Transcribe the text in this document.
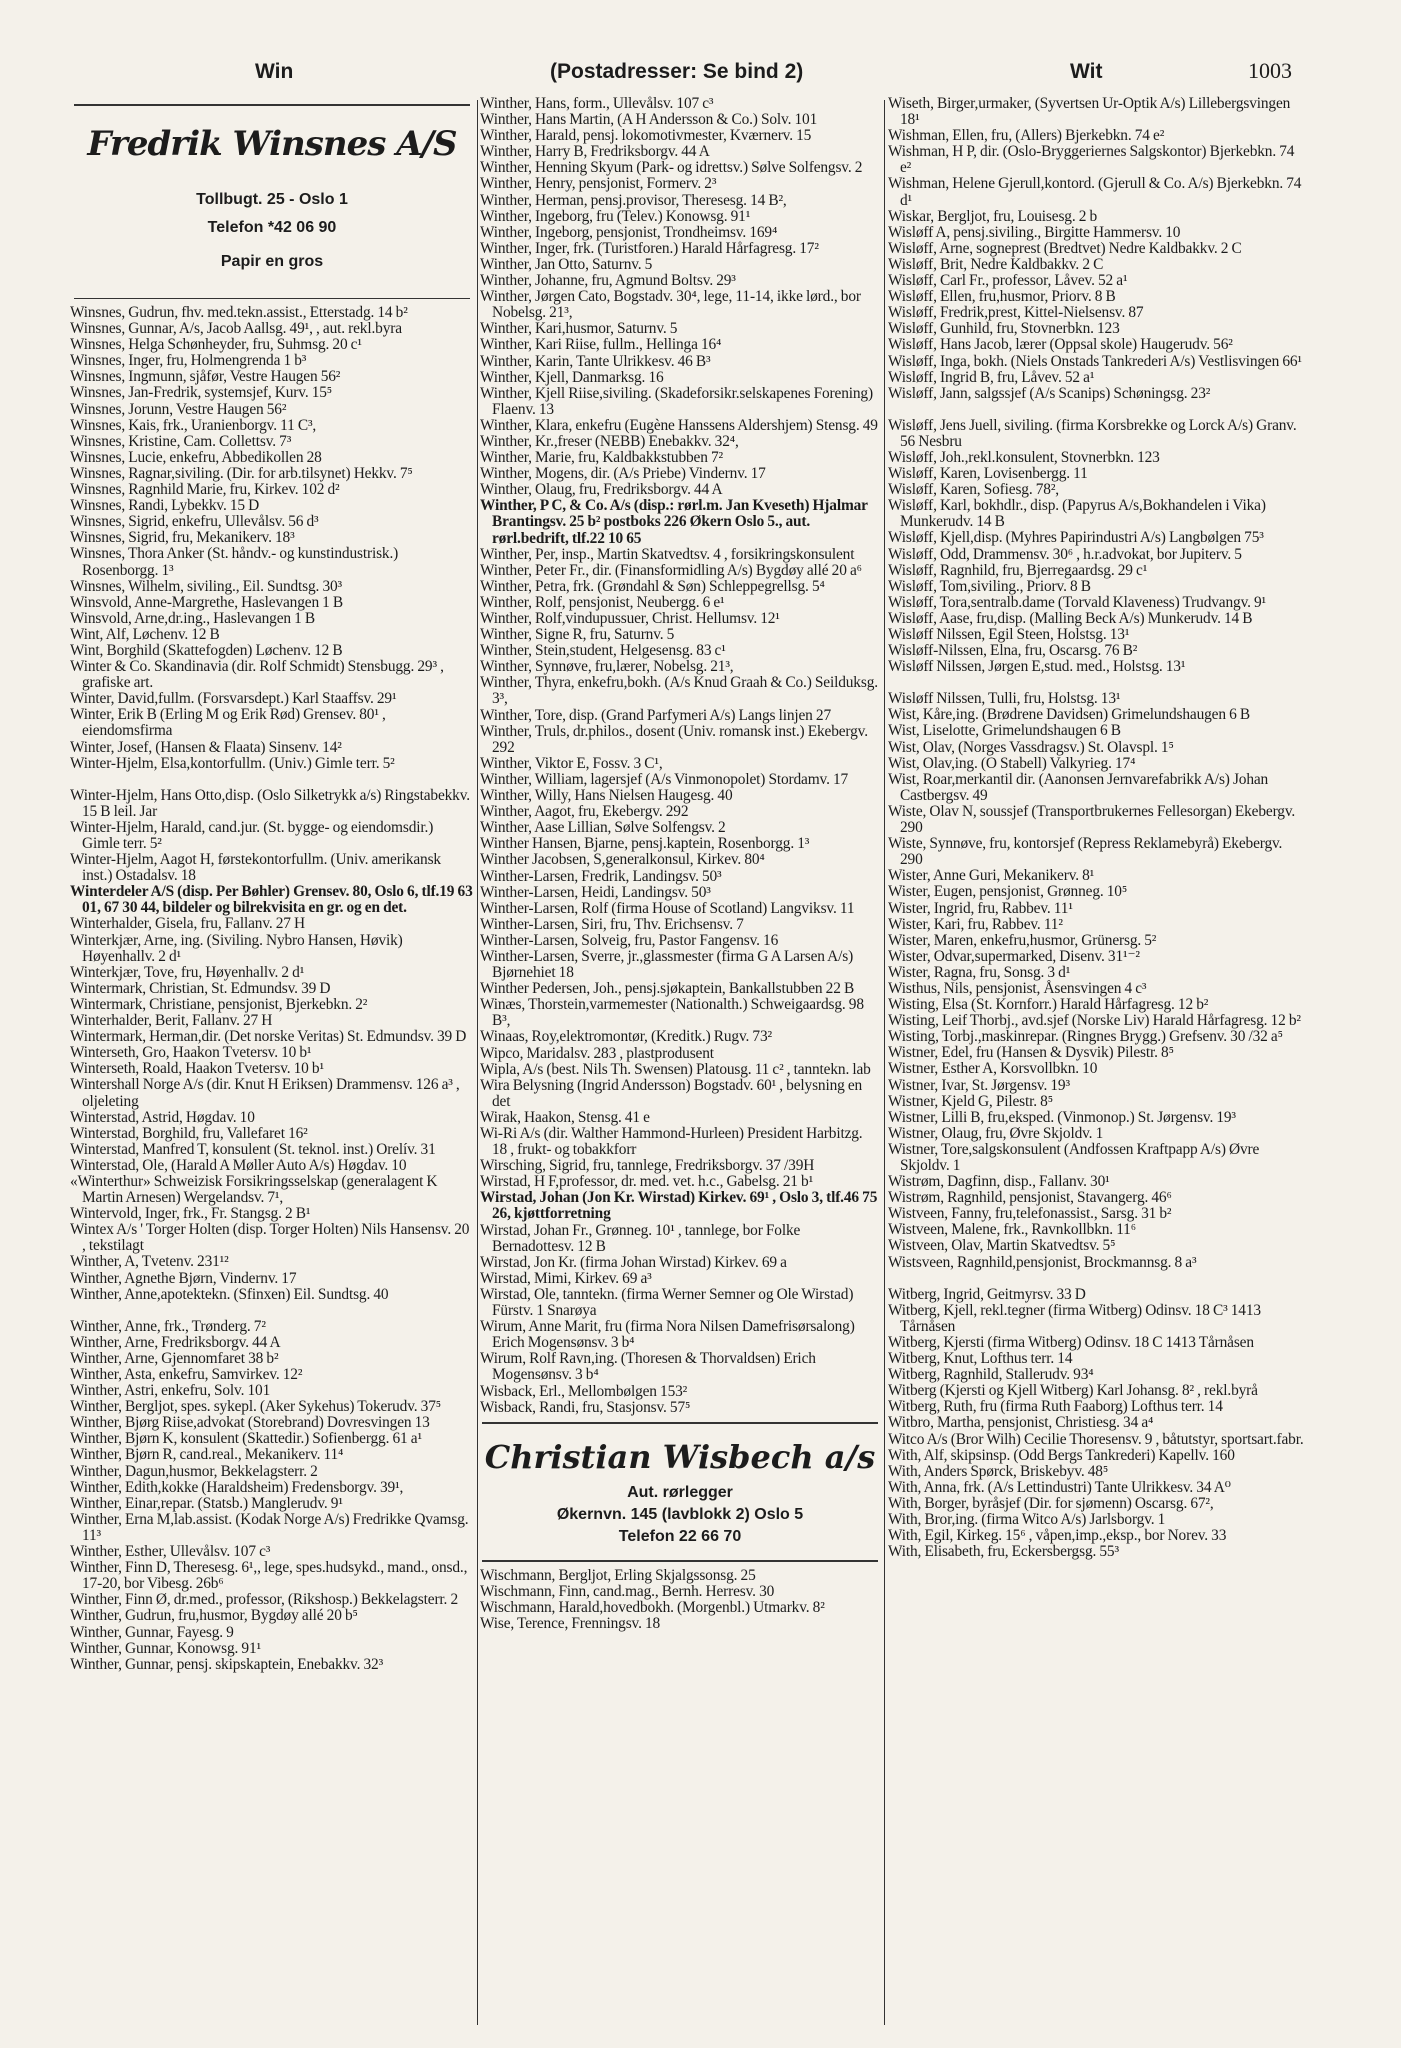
Win	(Postadresser: Se bind 2)	Wit	1003
Fredrik Winsnes A/S
Tollbugt. 25 - Oslo 1
Telefon *42 06 90
Papir en gros
Winsnes, Gudrun, fhv. med.tekn.assist., Etterstadg. 14 b²
Winsnes, Gunnar, A/s, Jacob Aallsg. 49¹, , aut. rekl.byra
Winsnes, Helga Schønheyder, fru, Suhmsg. 20 c¹
Winsnes, Inger, fru, Holmengrenda 1 b³
Winsnes, Ingmunn, sjåfør, Vestre Haugen 56²
Winsnes, Jan-Fredrik, systemsjef, Kurv. 15⁵
Winsnes, Jorunn, Vestre Haugen 56²
Winsnes, Kais, frk., Uranienborgv. 11 C³,
Winsnes, Kristine, Cam. Collettsv. 7³
Winsnes, Lucie, enkefru, Abbedikollen 28
Winsnes, Ragnar,siviling. (Dir. for arb.tilsynet) Hekkv. 7⁵
Winsnes, Ragnhild Marie, fru, Kirkev. 102 d²
Winsnes, Randi, Lybekkv. 15 D
Winsnes, Sigrid, enkefru, Ullevålsv. 56 d³
Winsnes, Sigrid, fru, Mekanikerv. 18³
Winsnes, Thora Anker (St. håndv.- og kunstindustrisk.) Rosenborgg. 1³
Winsnes, Wilhelm, siviling., Eil. Sundtsg. 30³
Winsvold, Anne-Margrethe, Haslevangen 1 B
Winsvold, Arne,dr.ing., Haslevangen 1 B
Wint, Alf, Løchenv. 12 B
Wint, Borghild (Skattefogden) Løchenv. 12 B
Winter & Co. Skandinavia (dir. Rolf Schmidt) Stensbugg. 29³ , grafiske art.
Winter, David,fullm. (Forsvarsdept.) Karl Staaffsv. 29¹
Winter, Erik B (Erling M og Erik Rød) Grensev. 80¹ , eiendomsfirma
Winter, Josef, (Hansen & Flaata) Sinsenv. 14²
Winter-Hjelm, Elsa,kontorfullm. (Univ.) Gimle terr. 5²
Winter-Hjelm, Hans Otto,disp. (Oslo Silketrykk a/s) Ringstabekkv. 15 B leil. Jar
Winter-Hjelm, Harald, cand.jur. (St. bygge- og eiendomsdir.) Gimle terr. 5²
Winter-Hjelm, Aagot H, førstekontorfullm. (Univ. amerikansk inst.) Ostadalsv. 18
Winterdeler A/S (disp. Per Bøhler) Grensev. 80, Oslo 6, tlf.19 63 01, 67 30 44, bildeler og bilrekvisita en gr. og en det.
Winterhalder, Gisela, fru, Fallanv. 27 H
Winterkjær, Arne, ing. (Siviling. Nybro Hansen, Høvik) Høyenhallv. 2 d¹
Winterkjær, Tove, fru, Høyenhallv. 2 d¹
Wintermark, Christian, St. Edmundsv. 39 D
Wintermark, Christiane, pensjonist, Bjerkebkn. 2²
Winterhalder, Berit, Fallanv. 27 H
Wintermark, Herman,dir. (Det norske Veritas) St. Edmundsv. 39 D
Winterseth, Gro, Haakon Tvetersv. 10 b¹
Winterseth, Roald, Haakon Tvetersv. 10 b¹
Wintershall Norge A/s (dir. Knut H Eriksen) Drammensv. 126 a³ , oljeleting
Winterstad, Astrid, Høgdav. 10
Winterstad, Borghild, fru, Vallefaret 16²
Winterstad, Manfred T, konsulent (St. teknol. inst.) Orelív. 31
Winterstad, Ole, (Harald A Møller Auto A/s) Høgdav. 10
«Winterthur» Schweizisk Forsikringsselskap (generalagent K Martin Arnesen) Wergelandsv. 7¹,
Wintervold, Inger, frk., Fr. Stangsg. 2 B¹
Wintex A/s ' Torger Holten (disp. Torger Holten) Nils Hansensv. 20 , tekstilagt
Winther, A, Tvetenv. 231¹²
Winther, Agnethe Bjørn, Vindernv. 17
Winther, Anne,apotektekn. (Sfinxen) Eil. Sundtsg. 40
Winther, Anne, frk., Trønderg. 7²
Winther, Arne, Fredriksborgv. 44 A
Winther, Arne, Gjennomfaret 38 b²
Winther, Asta, enkefru, Samvirkev. 12²
Winther, Astri, enkefru, Solv. 101
Winther, Bergljot, spes. sykepl. (Aker Sykehus) Tokerudv. 37⁵
Winther, Bjørg Riise,advokat (Storebrand) Dovresvingen 13
Winther, Bjørn K, konsulent (Skattedir.) Sofienbergg. 61 a¹
Winther, Bjørn R, cand.real., Mekanikerv. 11⁴
Winther, Dagun,husmor, Bekkelagsterr. 2
Winther, Edith,kokke (Haraldsheim) Fredensborgv. 39¹,
Winther, Einar,repar. (Statsb.) Manglerudv. 9¹
Winther, Erna M,lab.assist. (Kodak Norge A/s) Fredrikke Qvamsg. 11³
Winther, Esther, Ullevålsv. 107 c³
Winther, Finn D, Theresesg. 6¹,, lege, spes.hudsykd., mand., onsd., 17-20, bor Vibesg. 26b⁶
Winther, Finn Ø, dr.med., professor, (Rikshosp.) Bekkelagsterr. 2
Winther, Gudrun, fru,husmor, Bygdøy allé 20 b⁵
Winther, Gunnar, Fayesg. 9
Winther, Gunnar, Konowsg. 91¹
Winther, Gunnar, pensj. skipskaptein, Enebakkv. 32³
Winther, Hans, form., Ullevålsv. 107 c³
Winther, Hans Martin, (A H Andersson & Co.) Solv. 101
Winther, Harald, pensj. lokomotivmester, Kværnerv. 15
Winther, Harry B, Fredriksborgv. 44 A
Winther, Henning Skyum (Park- og idrettsv.) Sølve Solfengsv. 2
Winther, Henry, pensjonist, Formerv. 2³
Winther, Herman, pensj.provisor, Theresesg. 14 B²,
Winther, Ingeborg, fru (Telev.) Konowsg. 91¹
Winther, Ingeborg, pensjonist, Trondheimsv. 169⁴
Winther, Inger, frk. (Turistforen.) Harald Hårfagresg. 17²
Winther, Jan Otto, Saturnv. 5
Winther, Johanne, fru, Agmund Boltsv. 29³
Winther, Jørgen Cato, Bogstadv. 30⁴, lege, 11-14, ikke lørd., bor Nobelsg. 21³,
Winther, Kari,husmor, Saturnv. 5
Winther, Kari Riise, fullm., Hellinga 16⁴
Winther, Karin, Tante Ulrikkesv. 46 B³
Winther, Kjell, Danmarksg. 16
Winther, Kjell Riise,siviling. (Skadeforsikr.selskapenes Forening) Flaenv. 13
Winther, Klara, enkefru (Eugène Hanssens Aldershjem) Stensg. 49
Winther, Kr.,freser (NEBB) Enebakkv. 32⁴,
Winther, Marie, fru, Kaldbakkstubben 7²
Winther, Mogens, dir. (A/s Priebe) Vindernv. 17
Winther, Olaug, fru, Fredriksborgv. 44 A
Winther, P C, & Co. A/s (disp.: rørl.m. Jan Kveseth) Hjalmar Brantingsv. 25 b² postboks 226 Økern Oslo 5., aut. rørl.bedrift, tlf.22 10 65
Winther, Per, insp., Martin Skatvedtsv. 4 , forsikringskonsulent
Winther, Peter Fr., dir. (Finansformidling A/s) Bygdøy allé 20 a⁶
Winther, Petra, frk. (Grøndahl & Søn) Schleppegrellsg. 5⁴
Winther, Rolf, pensjonist, Neubergg. 6 e¹
Winther, Rolf,vindupussuer, Christ. Hellumsv. 12¹
Winther, Signe R, fru, Saturnv. 5
Winther, Stein,student, Helgesensg. 83 c¹
Winther, Synnøve, fru,lærer, Nobelsg. 21³,
Winther, Thyra, enkefru,bokh. (A/s Knud Graah & Co.) Seilduksg. 3³,
Winther, Tore, disp. (Grand Parfymeri A/s) Langs linjen 27
Winther, Truls, dr.philos., dosent (Univ. romansk inst.) Ekebergv. 292
Winther, Viktor E, Fossv. 3 C¹,
Winther, William, lagersjef (A/s Vinmonopolet) Stordamv. 17
Winther, Willy, Hans Nielsen Haugesg. 40
Winther, Aagot, fru, Ekebergv. 292
Winther, Aase Lillian, Sølve Solfengsv. 2
Winther Hansen, Bjarne, pensj.kaptein, Rosenborgg. 1³
Winther Jacobsen, S,generalkonsul, Kirkev. 80⁴
Winther-Larsen, Fredrik, Landingsv. 50³
Winther-Larsen, Heidi, Landingsv. 50³
Winther-Larsen, Rolf (firma House of Scotland) Langviksv. 11
Winther-Larsen, Siri, fru, Thv. Erichsensv. 7
Winther-Larsen, Solveig, fru, Pastor Fangensv. 16
Winther-Larsen, Sverre, jr.,glassmester (firma G A Larsen A/s) Bjørnehiet 18
Winther Pedersen, Joh., pensj.sjøkaptein, Bankallstubben 22 B
Winæs, Thorstein,varmemester (Nationalth.) Schweigaardsg. 98 B³,
Winaas, Roy,elektromontør, (Kreditk.) Rugv. 73²
Wipco, Maridalsv. 283 , plastprodusent
Wipla, A/s (best. Nils Th. Swensen) Platousg. 11 c² , tanntekn. lab
Wira Belysning (Ingrid Andersson) Bogstadv. 60¹ , belysning en det
Wirak, Haakon, Stensg. 41 e
Wi-Ri A/s (dir. Walther Hammond-Hurleen) President Harbitzg. 18 , frukt- og tobakkforr
Wirsching, Sigrid, fru, tannlege, Fredriksborgv. 37 /39H
Wirstad, H F,professor, dr. med. vet. h.c., Gabelsg. 21 b¹
Wirstad, Johan (Jon Kr. Wirstad) Kirkev. 69¹ , Oslo 3, tlf.46 75 26, kjøttforretning
Wirstad, Johan Fr., Grønneg. 10¹ , tannlege, bor Folke Bernadottesv. 12 B
Wirstad, Jon Kr. (firma Johan Wirstad) Kirkev. 69 a
Wirstad, Mimi, Kirkev. 69 a³
Wirstad, Ole, tanntekn. (firma Werner Semner og Ole Wirstad) Fürstv. 1 Snarøya
Wirum, Anne Marit, fru (firma Nora Nilsen Damefrisørsalong) Erich Mogensønsv. 3 b⁴
Wirum, Rolf Ravn,ing. (Thoresen & Thorvaldsen) Erich Mogensønsv. 3 b⁴
Wisback, Erl., Mellombølgen 153²
Wisback, Randi, fru, Stasjonsv. 57⁵
Christian Wisbech a/s
Aut. rørlegger
Økernvn. 145 (lavblokk 2) Oslo 5
Telefon 22 66 70
Wischmann, Bergljot, Erling Skjalgssonsg. 25
Wischmann, Finn, cand.mag., Bernh. Herresv. 30
Wischmann, Harald,hovedbokh. (Morgenbl.) Utmarkv. 8²
Wise, Terence, Frenningsv. 18
Wiseth, Birger,urmaker, (Syvertsen Ur-Optik A/s) Lillebergsvingen 18¹
Wishman, Ellen, fru, (Allers) Bjerkebkn. 74 e²
Wishman, H P, dir. (Oslo-Bryggeriernes Salgskontor) Bjerkebkn. 74 e²
Wishman, Helene Gjerull,kontord. (Gjerull & Co. A/s) Bjerkebkn. 74 d¹
Wiskar, Bergljot, fru, Louisesg. 2 b
Wisløff A, pensj.siviling., Birgitte Hammersv. 10
Wisløff, Arne, sogneprest (Bredtvet) Nedre Kaldbakkv. 2 C
Wisløff, Brit, Nedre Kaldbakkv. 2 C
Wisløff, Carl Fr., professor, Låvev. 52 a¹
Wisløff, Ellen, fru,husmor, Priorv. 8 B
Wisløff, Fredrik,prest, Kittel-Nielsensv. 87
Wisløff, Gunhild, fru, Stovnerbkn. 123
Wisløff, Hans Jacob, lærer (Oppsal skole) Haugerudv. 56²
Wisløff, Inga, bokh. (Niels Onstads Tankrederi A/s) Vestlisvingen 66¹
Wisløff, Ingrid B, fru, Låvev. 52 a¹
Wisløff, Jann, salgssjef (A/s Scanips) Schøningsg. 23²
Wisløff, Jens Juell, siviling. (firma Korsbrekke og Lorck A/s) Granv. 56 Nesbru
Wisløff, Joh.,rekl.konsulent, Stovnerbkn. 123
Wisløff, Karen, Lovisenbergg. 11
Wisløff, Karen, Sofiesg. 78²,
Wisløff, Karl, bokhdlr., disp. (Papyrus A/s,Bokhandelen i Vika) Munkerudv. 14 B
Wisløff, Kjell,disp. (Myhres Papirindustri A/s) Langbølgen 75³
Wisløff, Odd, Drammensv. 30⁶ , h.r.advokat, bor Jupiterv. 5
Wisløff, Ragnhild, fru, Bjerregaardsg. 29 c¹
Wisløff, Tom,siviling., Priorv. 8 B
Wisløff, Tora,sentralb.dame (Torvald Klaveness) Trudvangv. 9¹
Wisløff, Aase, fru,disp. (Malling Beck A/s) Munkerudv. 14 B
Wisløff Nilssen, Egil Steen, Holstsg. 13¹
Wisløff-Nilssen, Elna, fru, Oscarsg. 76 B²
Wisløff Nilssen, Jørgen E,stud. med., Holstsg. 13¹
Wisløff Nilssen, Tulli, fru, Holstsg. 13¹
Wist, Kåre,ing. (Brødrene Davidsen) Grimelundshaugen 6 B
Wist, Liselotte, Grimelundshaugen 6 B
Wist, Olav, (Norges Vassdragsv.) St. Olavspl. 1⁵
Wist, Olav,ing. (O Stabell) Valkyrieg. 17⁴
Wist, Roar,merkantil dir. (Aanonsen Jernvarefabrikk A/s) Johan Castbergsv. 49
Wiste, Olav N, soussjef (Transportbrukernes Fellesorgan) Ekebergv. 290
Wiste, Synnøve, fru, kontorsjef (Repress Reklamebyrå) Ekebergv. 290
Wister, Anne Guri, Mekanikerv. 8¹
Wister, Eugen, pensjonist, Grønneg. 10⁵
Wister, Ingrid, fru, Rabbev. 11¹
Wister, Kari, fru, Rabbev. 11²
Wister, Maren, enkefru,husmor, Grünersg. 5²
Wister, Odvar,supermarked, Disenv. 31¹⁻²
Wister, Ragna, fru, Sonsg. 3 d¹
Wisthus, Nils, pensjonist, Åsensvingen 4 c³
Wisting, Elsa (St. Kornforr.) Harald Hårfagresg. 12 b²
Wisting, Leif Thorbj., avd.sjef (Norske Liv) Harald Hårfagresg. 12 b²
Wisting, Torbj.,maskinrepar. (Ringnes Brygg.) Grefsenv. 30 /32 a⁵
Wistner, Edel, fru (Hansen & Dysvik) Pilestr. 8⁵
Wistner, Esther A, Korsvollbkn. 10
Wistner, Ivar, St. Jørgensv. 19³
Wistner, Kjeld G, Pilestr. 8⁵
Wistner, Lilli B, fru,eksped. (Vinmonop.) St. Jørgensv. 19³
Wistner, Olaug, fru, Øvre Skjoldv. 1
Wistner, Tore,salgskonsulent (Andfossen Kraftpapp A/s) Øvre Skjoldv. 1
Wistrøm, Dagfinn, disp., Fallanv. 30¹
Wistrøm, Ragnhild, pensjonist, Stavangerg. 46⁶
Wistveen, Fanny, fru,telefonassist., Sarsg. 31 b²
Wistveen, Malene, frk., Ravnkollbkn. 11⁶
Wistveen, Olav, Martin Skatvedtsv. 5⁵
Wistsveen, Ragnhild,pensjonist, Brockmannsg. 8 a³
Witberg, Ingrid, Geitmyrsv. 33 D
Witberg, Kjell, rekl.tegner (firma Witberg) Odinsv. 18 C³ 1413 Tårnåsen
Witberg, Kjersti (firma Witberg) Odinsv. 18 C 1413 Tårnåsen
Witberg, Knut, Lofthus terr. 14
Witberg, Ragnhild, Stallerudv. 93⁴
Witberg (Kjersti og Kjell Witberg) Karl Johansg. 8² , rekl.byrå
Witberg, Ruth, fru (firma Ruth Faaborg) Lofthus terr. 14
Witbro, Martha, pensjonist, Christiesg. 34 a⁴
Witco A/s (Bror Wilh) Cecilie Thoresensv. 9 , båtutstyr, sportsart.fabr.
With, Alf, skipsinsp. (Odd Bergs Tankrederi) Kapellv. 160
With, Anders Spørck, Briskebyv. 48⁵
With, Anna, frk. (A/s Lettindustri) Tante Ulrikkesv. 34 A⁰
With, Borger, byråsjef (Dir. for sjømenn) Oscarsg. 67²,
With, Bror,ing. (firma Witco A/s) Jarlsborgv. 1
With, Egil, Kirkeg. 15⁶ , våpen,imp.,eksp., bor Norev. 33
With, Elisabeth, fru, Eckersbergsg. 55³
